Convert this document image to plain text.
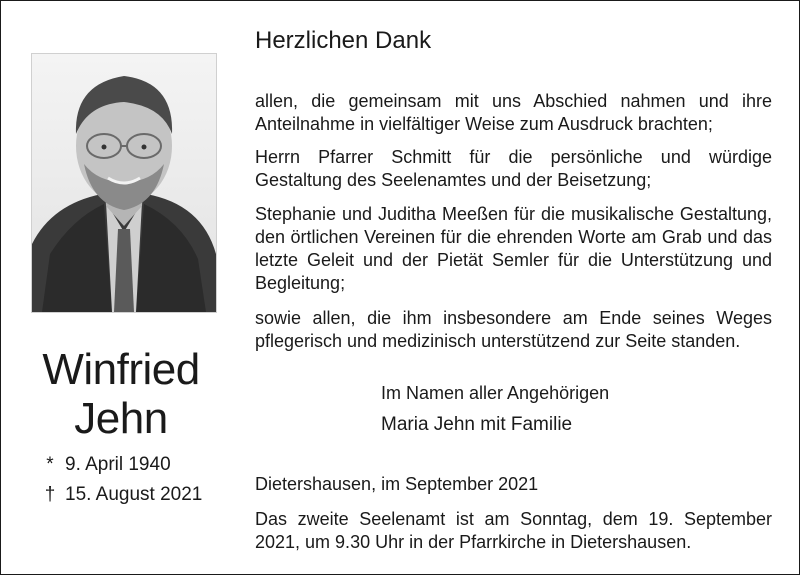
Winfried
Jehn
* 9. April 1940
† 15. August 2021
Herzlichen Dank
allen, die gemeinsam mit uns Abschied nahmen und ihre Anteilnahme in vielfältiger Weise zum Ausdruck brachten;
Herrn Pfarrer Schmitt für die persönliche und würdige Gestaltung des Seelenamtes und der Beisetzung;
Stephanie und Juditha Meeßen für die musikalische Gestaltung, den örtlichen Vereinen für die ehrenden Worte am Grab und das letzte Geleit und der Pietät Semler für die Unterstützung und Begleitung;
sowie allen, die ihm insbesondere am Ende seines Weges pflegerisch und medizinisch unterstützend zur Seite standen.
Im Namen aller Angehörigen
Maria Jehn mit Familie
Dietershausen, im September 2021
Das zweite Seelenamt ist am Sonntag, dem 19. September 2021, um 9.30 Uhr in der Pfarrkirche in Dietershausen.
